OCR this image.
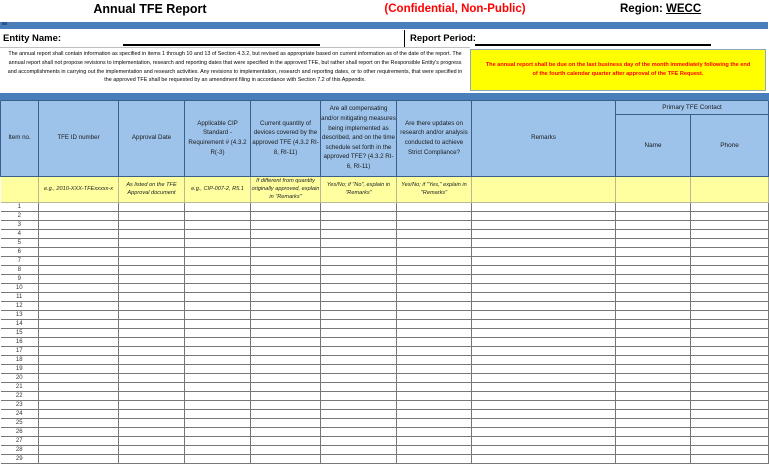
Annual TFE Report	(Confidential, Non-Public)	Region: WECC
Entity Name:	Report Period:
The annual report shall contain information as specified in items 1 through 10 and 13 of Section 4.3.2, but revised as appropriate based on current information as of the date of the report. The annual report shall not propose revisions to implementation, research and reporting dates that were specified in the approved TFE, but rather shall report on the Responsible Entity's progress and accomplishments in carrying out the implementation and research activities. Any revisions to implementation, research and reporting dates, or to other requirements, that were specified in the approved TFE shall be requested by an amendment filing in accordance with Section 7.2 of this Appendix.
The annual report shall be due on the last business day of the month immediately following the end of the fourth calendar quarter after approval of the TFE Request.

Item no.	TFE ID number	Approval Date	Applicable CIP Standard - Requirement # (4.3.2 R(-3)	Current quantity of devices covered by the approved TFE (4.3.2 RI-8, RI-11)	Are all compensating and/or mitigating measures being implemented as described, and on the time schedule set forth in the approved TFE? (4.3.2 RI-6, RI-11)	Are there updates on research and/or analysis conducted to achieve Strict Compliance?	Remarks	Primary TFE Contact	
								Name	Phone
	e.g., 2010-XXX-TFExxxxx-x	As listed on the TFE Approval document	e.g., CIP-007-2, R5.1	If different from quantity originally approved, explain in "Remarks"	Yes/No; if "No", explain in "Remarks"	Yes/No; if "Yes," explain in "Remarks"			
1									
2									
3									
4									
5									
6									
7									
8									
9									
10									
11									
12									
13									
14									
15									
16									
17									
18									
19									
20									
21									
22									
23									
24									
25									
26									
27									
28									
29									
